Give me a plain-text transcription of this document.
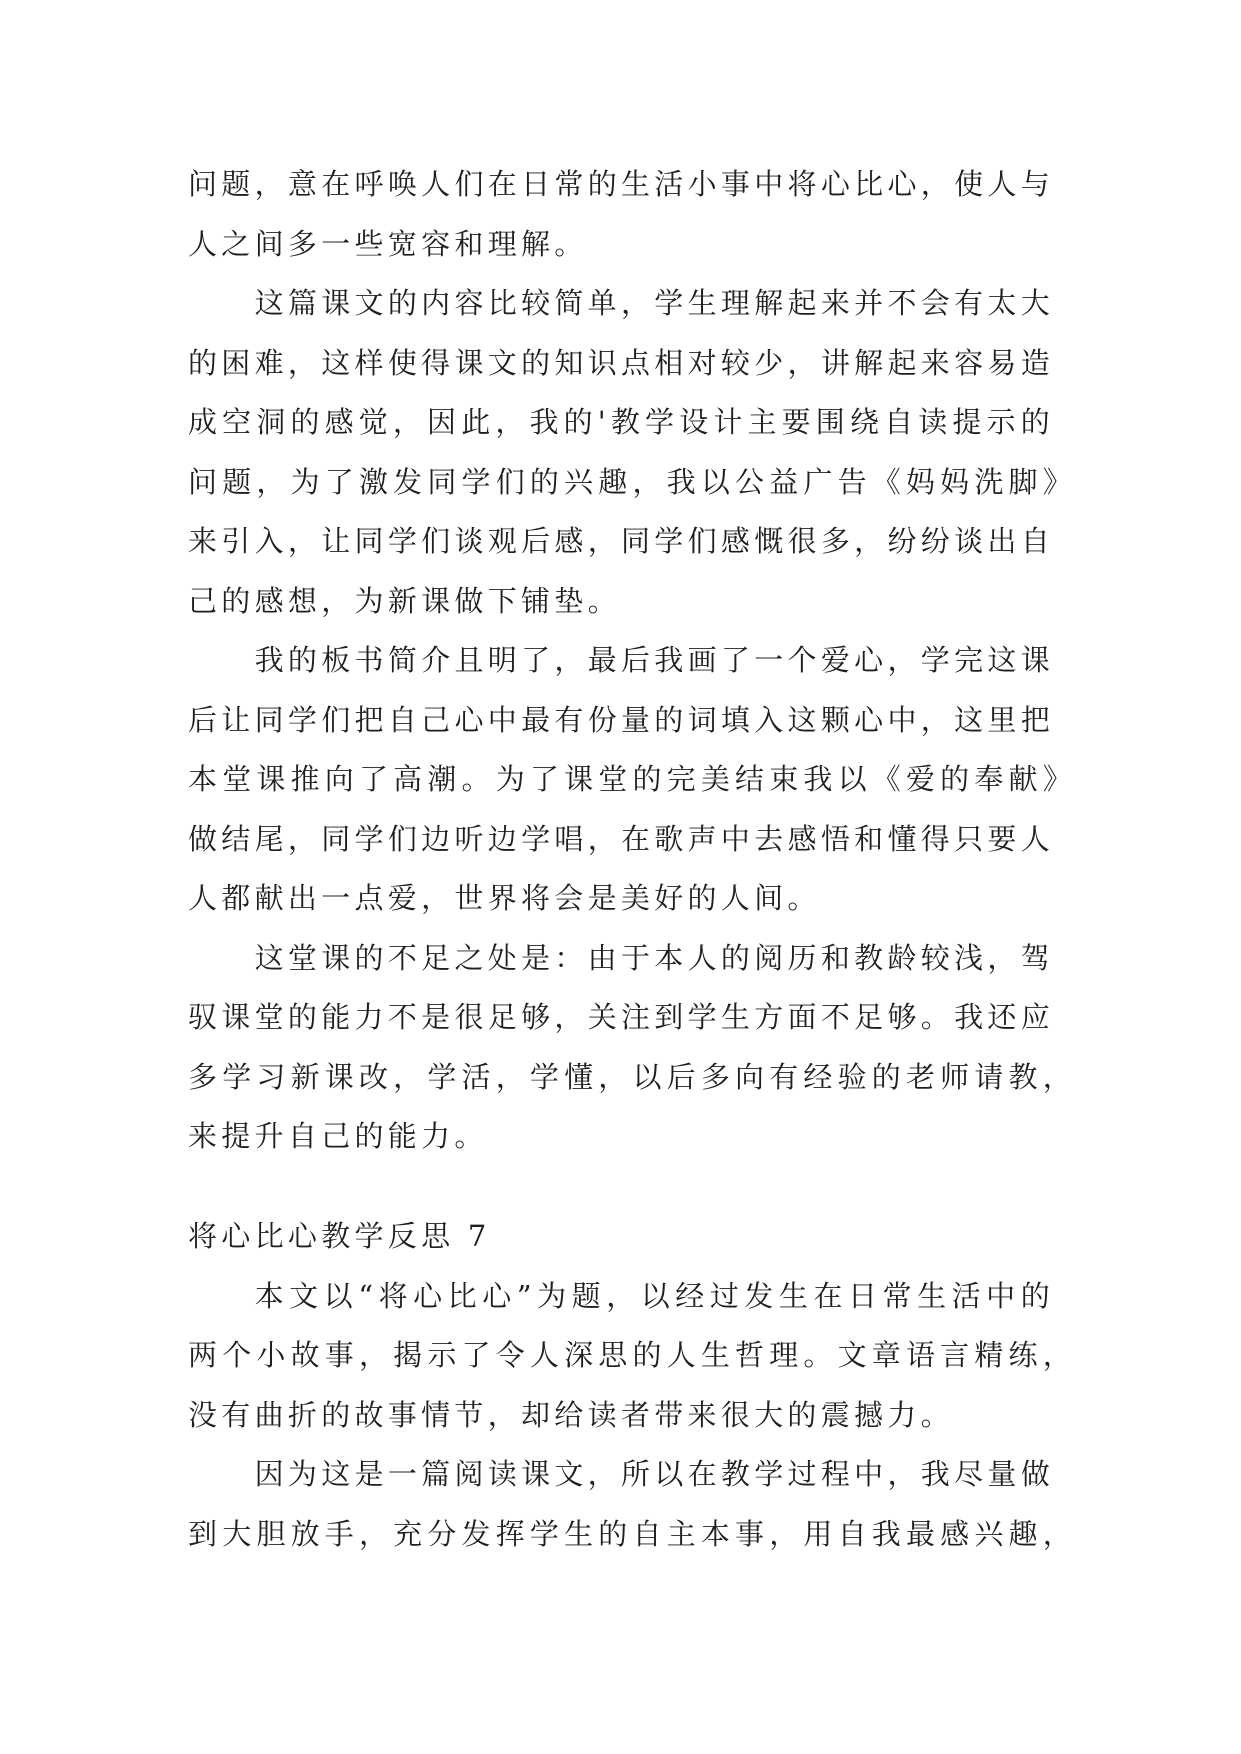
问题，意在呼唤人们在日常的生活小事中将心比心，使人与
人之间多一些宽容和理解。
这篇课文的内容比较简单，学生理解起来并不会有太大
的困难，这样使得课文的知识点相对较少，讲解起来容易造
成空洞的感觉，因此，我的'教学设计主要围绕自读提示的
问题，为了激发同学们的兴趣，我以公益广告《妈妈洗脚》
来引入，让同学们谈观后感，同学们感慨很多，纷纷谈出自
己的感想，为新课做下铺垫。
我的板书简介且明了，最后我画了一个爱心，学完这课
后让同学们把自己心中最有份量的词填入这颗心中，这里把
本堂课推向了高潮。为了课堂的完美结束我以《爱的奉献》
做结尾，同学们边听边学唱，在歌声中去感悟和懂得只要人
人都献出一点爱，世界将会是美好的人间。
这堂课的不足之处是：由于本人的阅历和教龄较浅，驾
驭课堂的能力不是很足够，关注到学生方面不足够。我还应
多学习新课改，学活，学懂，以后多向有经验的老师请教，
来提升自己的能力。
将心比心教学反思 7
本文以“将心比心”为题，以经过发生在日常生活中的
两个小故事，揭示了令人深思的人生哲理。文章语言精练，
没有曲折的故事情节，却给读者带来很大的震撼力。
因为这是一篇阅读课文，所以在教学过程中，我尽量做
到大胆放手，充分发挥学生的自主本事，用自我最感兴趣，
